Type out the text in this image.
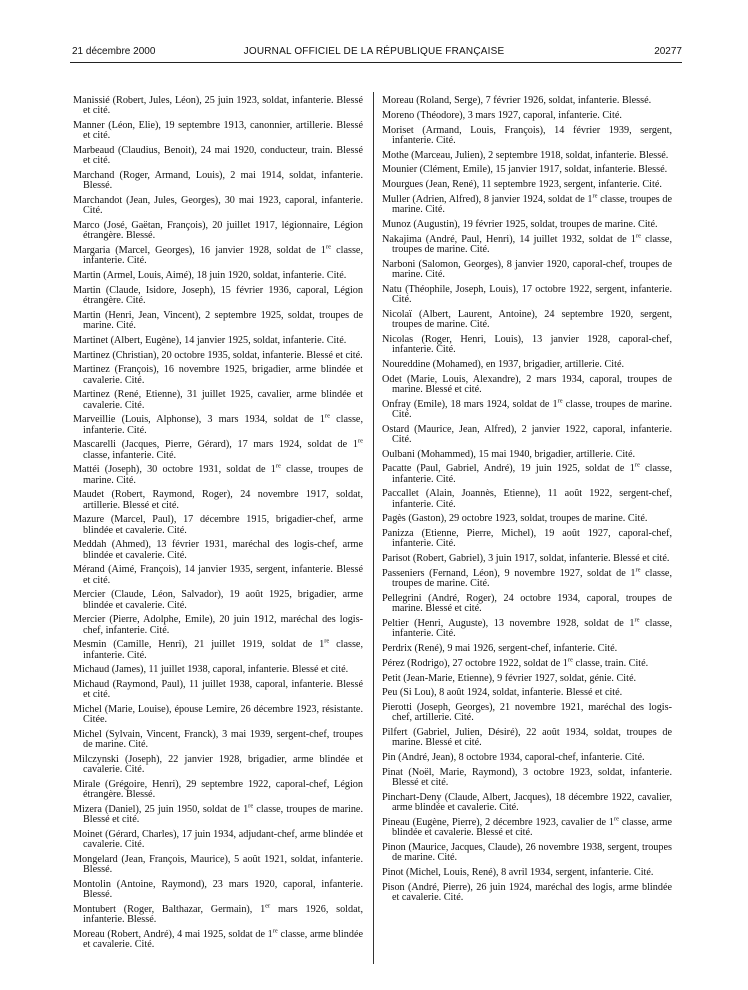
21 décembre 2000	JOURNAL OFFICIEL DE LA RÉPUBLIQUE FRANÇAISE	20277

Manissié (Robert, Jules, Léon), 25 juin 1923, soldat, infanterie. Blessé et cité.

Manner (Léon, Elie), 19 septembre 1913, canonnier, artillerie. Blessé et cité.

Marbeaud (Claudius, Benoit), 24 mai 1920, conducteur, train. Blessé et cité.

Marchand (Roger, Armand, Louis), 2 mai 1914, soldat, infanterie. Blessé.

Marchandot (Jean, Jules, Georges), 30 mai 1923, caporal, infanterie. Cité.

Marco (José, Gaëtan, François), 20 juillet 1917, légionnaire, Légion étrangère. Blessé.

Margaria (Marcel, Georges), 16 janvier 1928, soldat de 1re classe, infanterie. Cité.

Martin (Armel, Louis, Aimé), 18 juin 1920, soldat, infanterie. Cité.

Martin (Claude, Isidore, Joseph), 15 février 1936, caporal, Légion étrangère. Cité.

Martin (Henri, Jean, Vincent), 2 septembre 1925, soldat, troupes de marine. Cité.

Martinet (Albert, Eugène), 14 janvier 1925, soldat, infanterie. Cité.

Martinez (Christian), 20 octobre 1935, soldat, infanterie. Blessé et cité.

Martinez (François), 16 novembre 1925, brigadier, arme blindée et cavalerie. Cité.

Martinez (René, Etienne), 31 juillet 1925, cavalier, arme blindée et cavalerie. Cité.

Marveillie (Louis, Alphonse), 3 mars 1934, soldat de 1re classe, infanterie. Cité.

Mascarelli (Jacques, Pierre, Gérard), 17 mars 1924, soldat de 1re classe, infanterie. Cité.

Mattéi (Joseph), 30 octobre 1931, soldat de 1re classe, troupes de marine. Cité.

Maudet (Robert, Raymond, Roger), 24 novembre 1917, soldat, artillerie. Blessé et cité.

Mazure (Marcel, Paul), 17 décembre 1915, brigadier-chef, arme blindée et cavalerie. Cité.

Meddah (Ahmed), 13 février 1931, maréchal des logis-chef, arme blindée et cavalerie. Cité.

Mérand (Aimé, François), 14 janvier 1935, sergent, infanterie. Blessé et cité.

Mercier (Claude, Léon, Salvador), 19 août 1925, brigadier, arme blindée et cavalerie. Cité.

Mercier (Pierre, Adolphe, Emile), 20 juin 1912, maréchal des logis-chef, infanterie. Cité.

Mesmin (Camille, Henri), 21 juillet 1919, soldat de 1re classe, infanterie. Cité.

Michaud (James), 11 juillet 1938, caporal, infanterie. Blessé et cité.

Michaud (Raymond, Paul), 11 juillet 1938, caporal, infanterie. Blessé et cité.

Michel (Marie, Louise), épouse Lemire, 26 décembre 1923, résistante. Citée.

Michel (Sylvain, Vincent, Franck), 3 mai 1939, sergent-chef, troupes de marine. Cité.

Milczynski (Joseph), 22 janvier 1928, brigadier, arme blindée et cavalerie. Cité.

Mirale (Grégoire, Henri), 29 septembre 1922, caporal-chef, Légion étrangère. Blessé.

Mizera (Daniel), 25 juin 1950, soldat de 1re classe, troupes de marine. Blessé et cité.

Moinet (Gérard, Charles), 17 juin 1934, adjudant-chef, arme blindée et cavalerie. Cité.

Mongelard (Jean, François, Maurice), 5 août 1921, soldat, infanterie. Blessé.

Montolin (Antoine, Raymond), 23 mars 1920, caporal, infanterie. Blessé.

Montubert (Roger, Balthazar, Germain), 1er mars 1926, soldat, infanterie. Blessé.

Moreau (Robert, André), 4 mai 1925, soldat de 1re classe, arme blindée et cavalerie. Cité.

Moreau (Roland, Serge), 7 février 1926, soldat, infanterie. Blessé.

Moreno (Théodore), 3 mars 1927, caporal, infanterie. Cité.

Moriset (Armand, Louis, François), 14 février 1939, sergent, infanterie. Cité.

Mothe (Marceau, Julien), 2 septembre 1918, soldat, infanterie. Blessé.

Mounier (Clément, Emile), 15 janvier 1917, soldat, infanterie. Blessé.

Mourgues (Jean, René), 11 septembre 1923, sergent, infanterie. Cité.

Muller (Adrien, Alfred), 8 janvier 1924, soldat de 1re classe, troupes de marine. Cité.

Munoz (Augustin), 19 février 1925, soldat, troupes de marine. Cité.

Nakajima (André, Paul, Henri), 14 juillet 1932, soldat de 1re classe, troupes de marine. Cité.

Narboni (Salomon, Georges), 8 janvier 1920, caporal-chef, troupes de marine. Cité.

Natu (Théophile, Joseph, Louis), 17 octobre 1922, sergent, infanterie. Cité.

Nicolaï (Albert, Laurent, Antoine), 24 septembre 1920, sergent, troupes de marine. Cité.

Nicolas (Roger, Henri, Louis), 13 janvier 1928, caporal-chef, infanterie. Cité.

Noureddine (Mohamed), en 1937, brigadier, artillerie. Cité.

Odet (Marie, Louis, Alexandre), 2 mars 1934, caporal, troupes de marine. Blessé et cité.

Onfray (Emile), 18 mars 1924, soldat de 1re classe, troupes de marine. Cité.

Ostard (Maurice, Jean, Alfred), 2 janvier 1922, caporal, infanterie. Cité.

Oulbani (Mohammed), 15 mai 1940, brigadier, artillerie. Cité.

Pacatte (Paul, Gabriel, André), 19 juin 1925, soldat de 1re classe, infanterie. Cité.

Paccallet (Alain, Joannès, Etienne), 11 août 1922, sergent-chef, infanterie. Cité.

Pagès (Gaston), 29 octobre 1923, soldat, troupes de marine. Cité.

Panizza (Etienne, Pierre, Michel), 19 août 1927, caporal-chef, infanterie. Cité.

Parisot (Robert, Gabriel), 3 juin 1917, soldat, infanterie. Blessé et cité.

Passeniers (Fernand, Léon), 9 novembre 1927, soldat de 1re classe, troupes de marine. Cité.

Pellegrini (André, Roger), 24 octobre 1934, caporal, troupes de marine. Blessé et cité.

Peltier (Henri, Auguste), 13 novembre 1928, soldat de 1re classe, infanterie. Cité.

Perdrix (René), 9 mai 1926, sergent-chef, infanterie. Cité.

Pérez (Rodrigo), 27 octobre 1922, soldat de 1re classe, train. Cité.

Petit (Jean-Marie, Etienne), 9 février 1927, soldat, génie. Cité.

Peu (Si Lou), 8 août 1924, soldat, infanterie. Blessé et cité.

Pierotti (Joseph, Georges), 21 novembre 1921, maréchal des logis-chef, artillerie. Cité.

Pilfert (Gabriel, Julien, Désiré), 22 août 1934, soldat, troupes de marine. Blessé et cité.

Pin (André, Jean), 8 octobre 1934, caporal-chef, infanterie. Cité.

Pinat (Noël, Marie, Raymond), 3 octobre 1923, soldat, infanterie. Blessé et cité.

Pinchart-Deny (Claude, Albert, Jacques), 18 décembre 1922, cavalier, arme blindée et cavalerie. Cité.

Pineau (Eugène, Pierre), 2 décembre 1923, cavalier de 1re classe, arme blindée et cavalerie. Blessé et cité.

Pinon (Maurice, Jacques, Claude), 26 novembre 1938, sergent, troupes de marine. Cité.

Pinot (Michel, Louis, René), 8 avril 1934, sergent, infanterie. Cité.

Pison (André, Pierre), 26 juin 1924, maréchal des logis, arme blindée et cavalerie. Cité.
